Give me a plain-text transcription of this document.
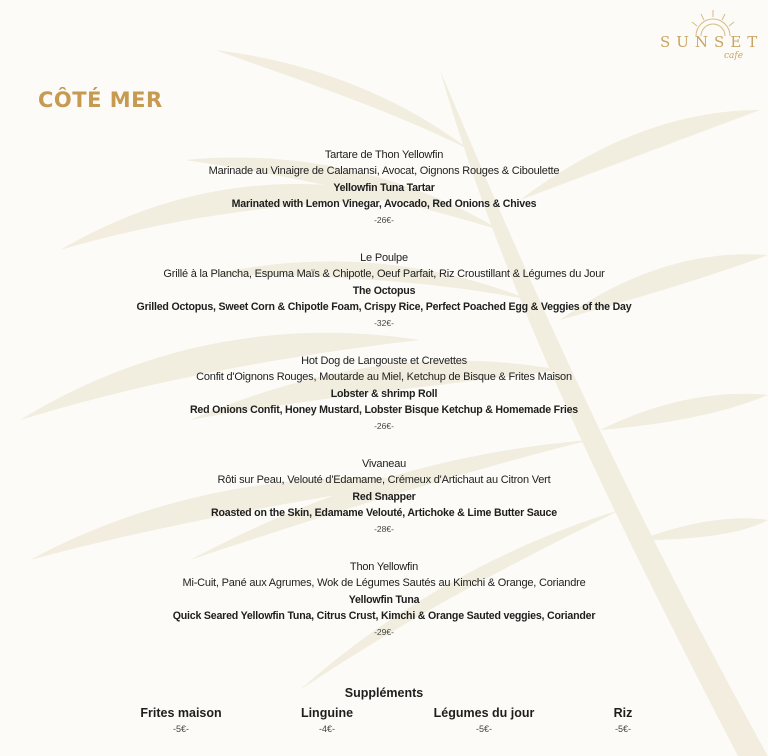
SUNSET
cafe
CÔTÉ MER
Tartare de Thon Yellowfin
Marinade au Vinaigre de Calamansi, Avocat, Oignons Rouges & Ciboulette
Yellowfin Tuna Tartar
Marinated with Lemon Vinegar, Avocado, Red Onions & Chives
-26€-
Le Poulpe
Grillé à la Plancha, Espuma Maïs & Chipotle, Oeuf Parfait, Riz Croustillant & Légumes du Jour
The Octopus
Grilled Octopus, Sweet Corn & Chipotle Foam, Crispy Rice, Perfect Poached Egg & Veggies of the Day
-32€-
Hot Dog de Langouste et Crevettes
Confit d'Oignons Rouges, Moutarde au Miel, Ketchup de Bisque & Frites Maison
Lobster & shrimp Roll
Red Onions Confit, Honey Mustard, Lobster Bisque Ketchup & Homemade Fries
-26€-
Vivaneau
Rôti sur Peau, Velouté d'Edamame, Crémeux d'Artichaut au Citron Vert
Red Snapper
Roasted on the Skin, Edamame Velouté, Artichoke & Lime Butter Sauce
-28€-
Thon Yellowfin
Mi-Cuit, Pané aux Agrumes, Wok de Légumes Sautés au Kimchi & Orange, Coriandre
Yellowfin Tuna
Quick Seared Yellowfin Tuna, Citrus Crust, Kimchi & Orange Sauted veggies, Coriander
-29€-
Suppléments
Frites maison
-5€-
Linguine
-4€-
Légumes du jour
-5€-
Riz
-5€-
